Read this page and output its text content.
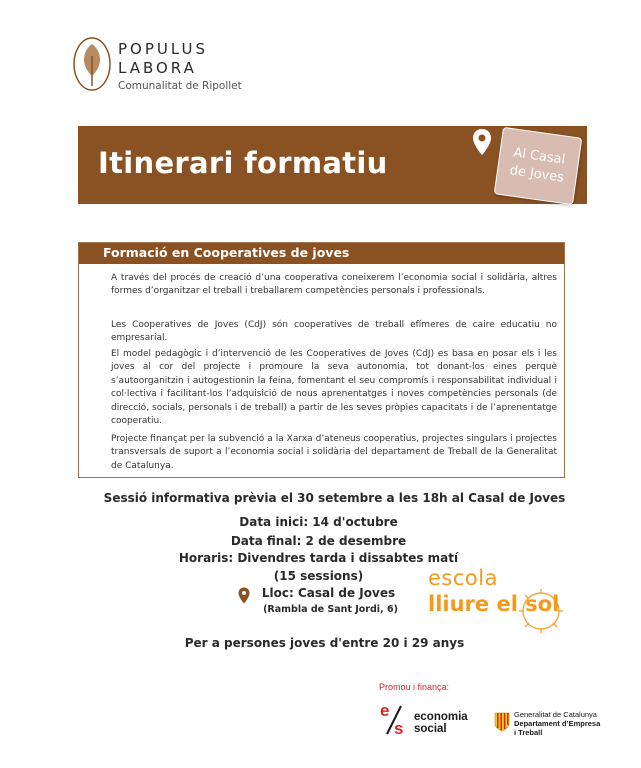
POPULUS
LABORA
Comunalitat de Ripollet
Itinerari formatiu	Al Casal
de Joves
Formació en Cooperatives de joves
A través del procés de creació d’una cooperativa coneixerem l’economia social i solidària, altres formes d’organitzar el treball i treballarem competències personals i professionals.
Les Cooperatives de Joves (CdJ) són cooperatives de treball efímeres de caire educatiu no empresarial.
El model pedagògic i d’intervenció de les Cooperatives de Joves (CdJ) es basa en posar els i les joves al cor del projecte i promoure la seva autonomia, tot donant-los eines perquè s’autoorganitzin i autogestionin la feina, fomentant el seu compromís i responsabilitat individual i col·lectiva i facilitant-los l’adquisició de nous aprenentatges i noves competències personals (de direcció, socials, personals i de treball) a partir de les seves pròpies capacitats i de l’aprenentatge cooperatiu.
Projecte finançat per la subvenció a la Xarxa d’ateneus cooperatius, projectes singulars i projectes transversals de suport a l’economia social i solidària del departament de Treball de la Generalitat de Catalunya.
Sessió informativa prèvia el 30 setembre a les 18h al Casal de Joves
Data inici: 14 d'octubre
Data final: 2 de desembre
Horaris: Divendres tarda i dissabtes matí
(15 sessions)
Lloc: Casal de Joves
(Rambla de Sant Jordi, 6)
Per a persones joves d'entre 20 i 29 anys
escola
lliure el sol
Promou i finança:
e
s
economia
social
Generalitat de Catalunya
Departament d’Empresa
i Treball
